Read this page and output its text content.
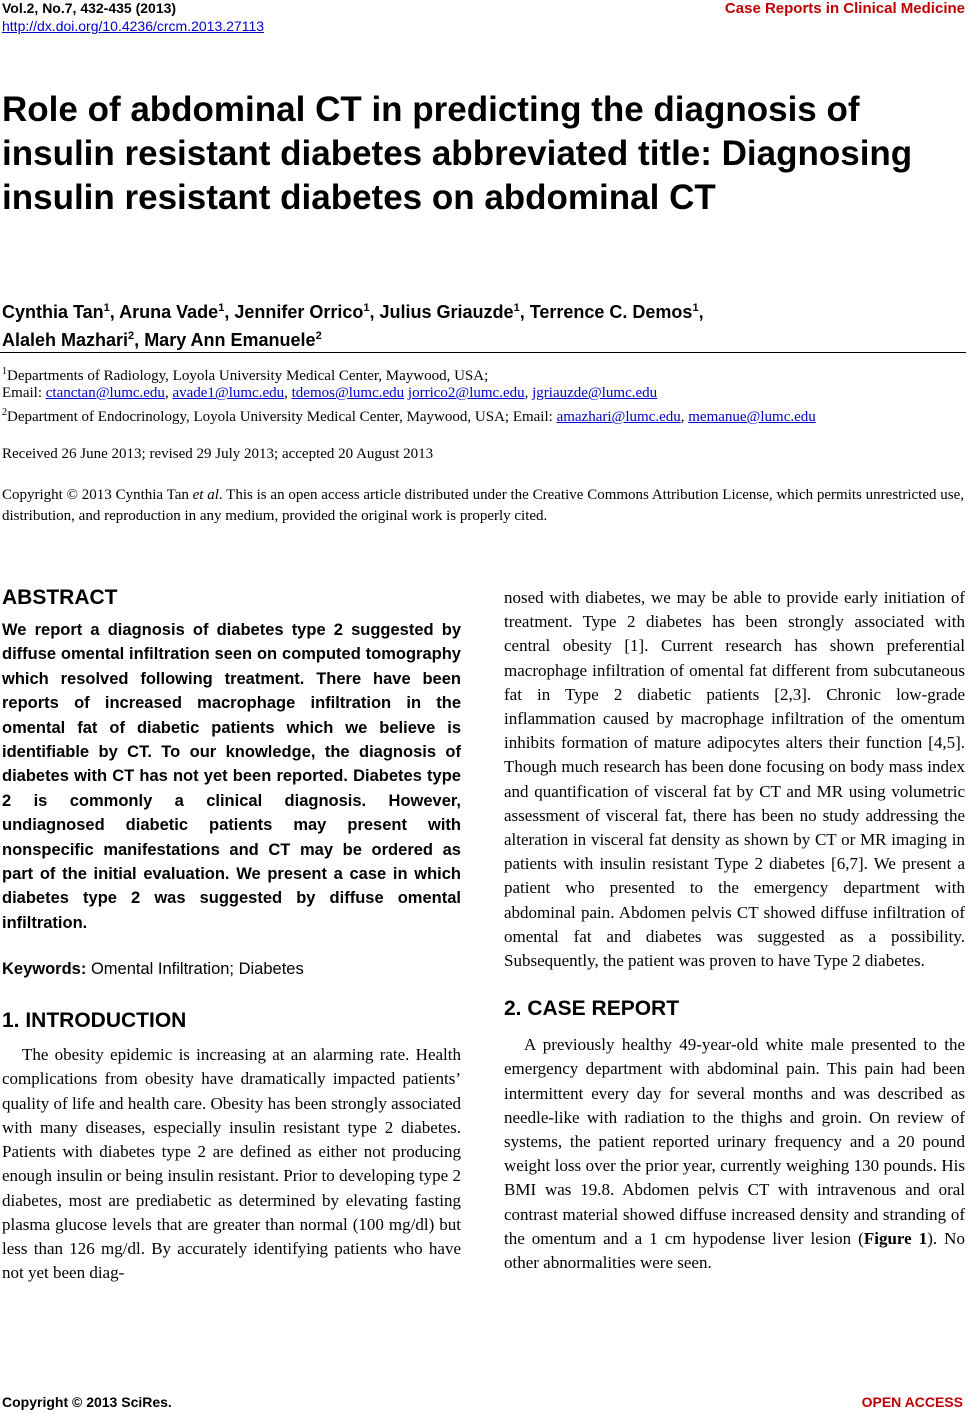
Vol.2, No.7, 432-435 (2013)
http://dx.doi.org/10.4236/crcm.2013.27113
Case Reports in Clinical Medicine
Role of abdominal CT in predicting the diagnosis of insulin resistant diabetes abbreviated title: Diagnosing insulin resistant diabetes on abdominal CT
Cynthia Tan$^1$, Aruna Vade$^1$, Jennifer Orrico$^1$, Julius Griauzde$^1$, Terrence C. Demos$^1$,
Alaleh Mazhari$^2$, Mary Ann Emanuele$^2$
$^1$Departments of Radiology, Loyola University Medical Center, Maywood, USA;
Email: ctanctan@lumc.edu, avade1@lumc.edu, tdemos@lumc.edu jorrico2@lumc.edu, jgriauzde@lumc.edu
$^2$Department of Endocrinology, Loyola University Medical Center, Maywood, USA; Email: amazhari@lumc.edu, memanue@lumc.edu
Received 26 June 2013; revised 29 July 2013; accepted 20 August 2013
Copyright © 2013 Cynthia Tan et al. This is an open access article distributed under the Creative Commons Attribution License, which permits unrestricted use, distribution, and reproduction in any medium, provided the original work is properly cited.
ABSTRACT

We report a diagnosis of diabetes type 2 suggested by diffuse omental infiltration seen on computed tomography which resolved following treatment. There have been reports of increased macrophage infiltration in the omental fat of diabetic patients which we believe is identifiable by CT. To our knowledge, the diagnosis of diabetes with CT has not yet been reported. Diabetes type 2 is commonly a clinical diagnosis. However, undiagnosed diabetic patients may present with nonspecific manifestations and CT may be ordered as part of the initial evaluation. We present a case in which diabetes type 2 was suggested by diffuse omental infiltration.

Keywords: Omental Infiltration; Diabetes
1. INTRODUCTION

The obesity epidemic is increasing at an alarming rate. Health complications from obesity have dramatically impacted patients’ quality of life and health care. Obesity has been strongly associated with many diseases, especially insulin resistant type 2 diabetes. Patients with diabetes type 2 are defined as either not producing enough insulin or being insulin resistant. Prior to developing type 2 diabetes, most are prediabetic as determined by elevating fasting plasma glucose levels that are greater than normal (100 mg/dl) but less than 126 mg/dl. By accurately identifying patients who have not yet been diag-

nosed with diabetes, we may be able to provide early initiation of treatment. Type 2 diabetes has been strongly associated with central obesity [1]. Current research has shown preferential macrophage infiltration of omental fat different from subcutaneous fat in Type 2 diabetic patients [2,3]. Chronic low-grade inflammation caused by macrophage infiltration of the omentum inhibits formation of mature adipocytes alters their function [4,5]. Though much research has been done focusing on body mass index and quantification of visceral fat by CT and MR using volumetric assessment of visceral fat, there has been no study addressing the alteration in visceral fat density as shown by CT or MR imaging in patients with insulin resistant Type 2 diabetes [6,7]. We present a patient who presented to the emergency department with abdominal pain. Abdomen pelvis CT showed diffuse infiltration of omental fat and diabetes was suggested as a possibility. Subsequently, the patient was proven to have Type 2 diabetes.

2. CASE REPORT

A previously healthy 49-year-old white male presented to the emergency department with abdominal pain. This pain had been intermittent every day for several months and was described as needle-like with radiation to the thighs and groin. On review of systems, the patient reported urinary frequency and a 20 pound weight loss over the prior year, currently weighing 130 pounds. His BMI was 19.8. Abdomen pelvis CT with intravenous and oral contrast material showed diffuse increased density and stranding of the omentum and a 1 cm hypodense liver lesion (Figure 1). No other abnormalities were seen.

Copyright © 2013 SciRes.	OPEN ACCESS
